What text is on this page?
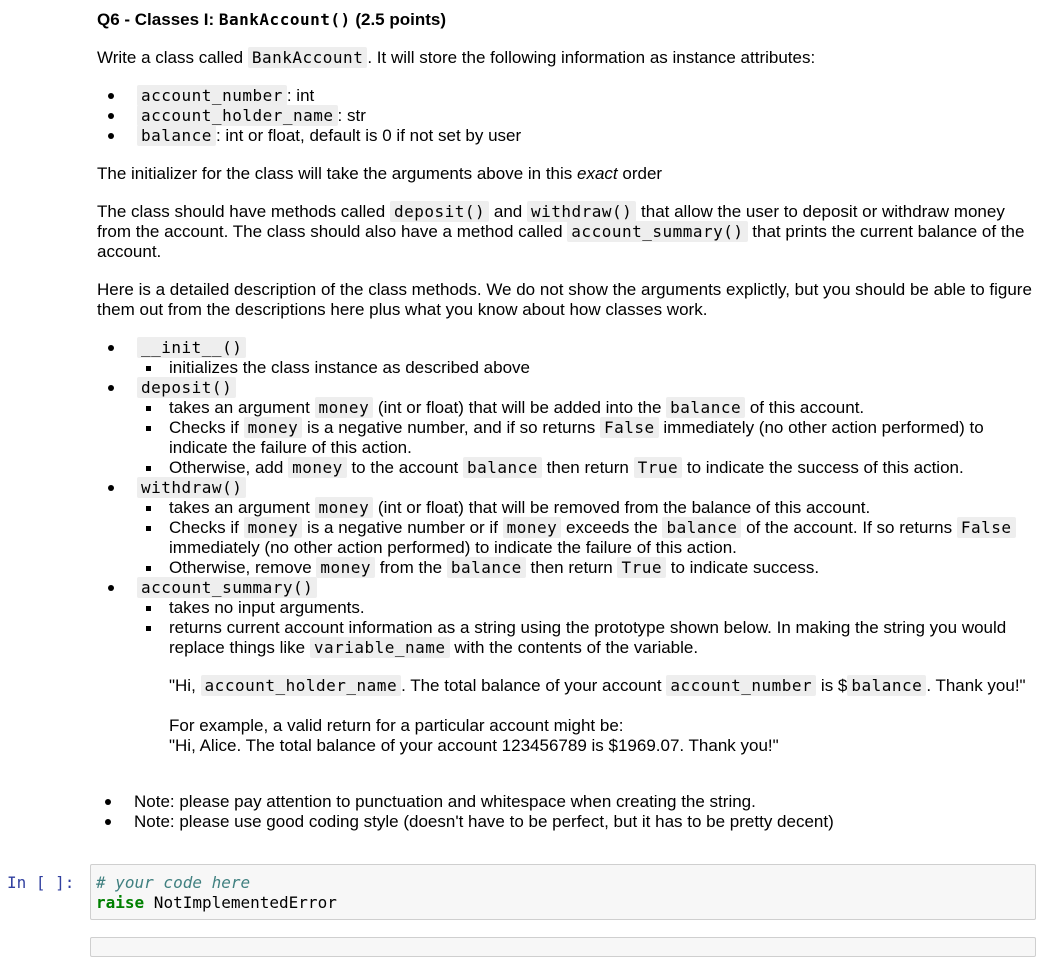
Q6 - Classes I: BankAccount() (2.5 points)

Write a class called BankAccount . It will store the following information as instance attributes:

account_number : int
account_holder_name : str
balance : int or float, default is 0 if not set by user

The initializer for the class will take the arguments above in this exact order

The class should have methods called deposit() and withdraw() that allow the user to deposit or withdraw money from the account. The class should also have a method called account_summary() that prints the current balance of the account.

Here is a detailed description of the class methods. We do not show the arguments explictly, but you should be able to figure them out from the descriptions here plus what you know about how classes work.

__init__()
initializes the class instance as described above
deposit()
takes an argument money (int or float) that will be added into the balance of this account.
Checks if money is a negative number, and if so returns False immediately (no other action performed) to indicate the failure of this action.
Otherwise, add money to the account balance then return True to indicate the success of this action.
withdraw()
takes an argument money (int or float) that will be removed from the balance of this account.
Checks if money is a negative number or if money exceeds the balance of the account. If so returns False immediately (no other action performed) to indicate the failure of this action.
Otherwise, remove money from the balance then return True to indicate success.
account_summary()
takes no input arguments.
returns current account information as a string using the prototype shown below. In making the string you would replace things like variable_name with the contents of the variable.
"Hi, account_holder_name . The total balance of your account account_number is $ balance . Thank you!"
For example, a valid return for a particular account might be:
"Hi, Alice. The total balance of your account 123456789 is $1969.07. Thank you!"
Note: please pay attention to punctuation and whitespace when creating the string.
Note: please use good coding style (doesn't have to be perfect, but it has to be pretty decent)
In [ ]: # your code here
raise NotImplementedError
